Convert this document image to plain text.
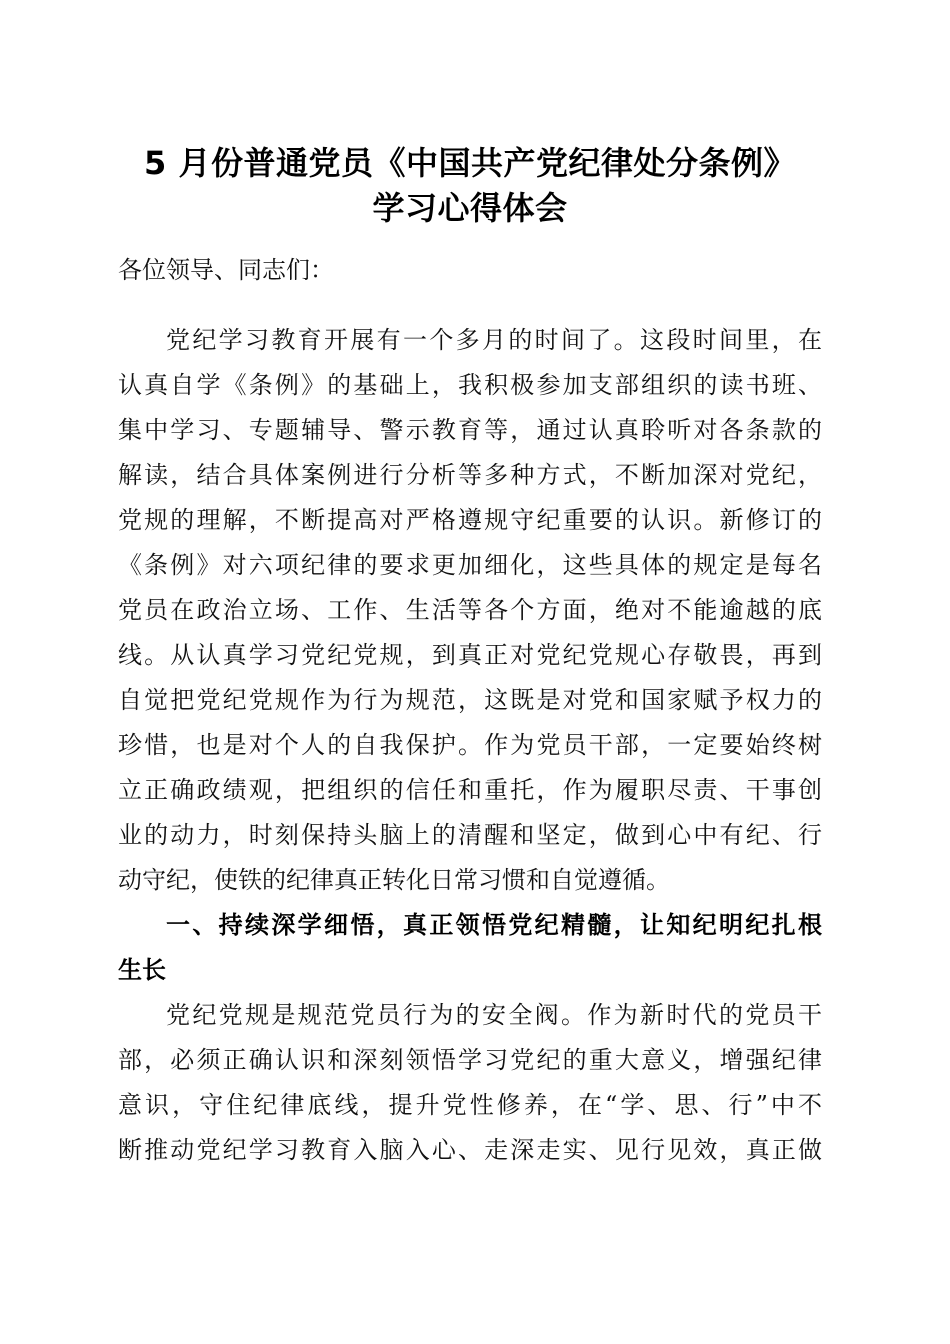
5 月份普通党员《中国共产党纪律处分条例》
学习心得体会

各位领导、同志们：

党纪学习教育开展有一个多月的时间了。这段时间里，在

认真自学《条例》的基础上，我积极参加支部组织的读书班、

集中学习、专题辅导、警示教育等，通过认真聆听对各条款的

解读，结合具体案例进行分析等多种方式，不断加深对党纪，

党规的理解，不断提高对严格遵规守纪重要的认识。新修订的

《条例》对六项纪律的要求更加细化，这些具体的规定是每名

党员在政治立场、工作、生活等各个方面，绝对不能逾越的底

线。从认真学习党纪党规，到真正对党纪党规心存敬畏，再到

自觉把党纪党规作为行为规范，这既是对党和国家赋予权力的

珍惜，也是对个人的自我保护。作为党员干部，一定要始终树

立正确政绩观，把组织的信任和重托，作为履职尽责、干事创

业的动力，时刻保持头脑上的清醒和坚定，做到心中有纪、行

动守纪，使铁的纪律真正转化日常习惯和自觉遵循。

一、持续深学细悟，真正领悟党纪精髓，让知纪明纪扎根

生长

党纪党规是规范党员行为的安全阀。作为新时代的党员干

部，必须正确认识和深刻领悟学习党纪的重大意义，增强纪律

意识，守住纪律底线，提升党性修养，在“学、思、行”中不

断推动党纪学习教育入脑入心、走深走实、见行见效，真正做
